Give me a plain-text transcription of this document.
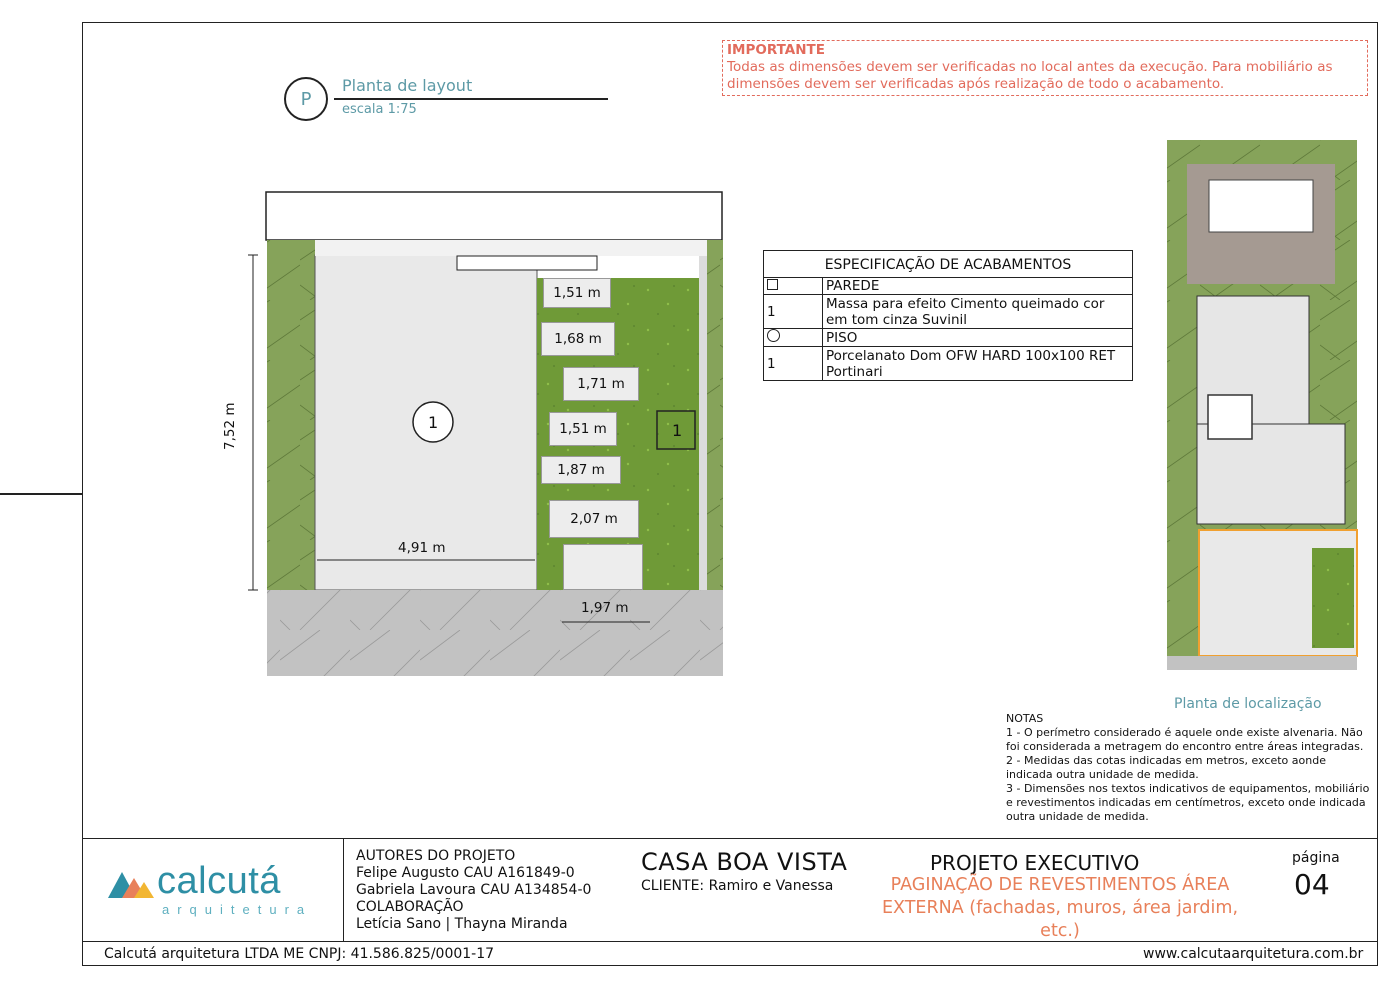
P
Planta de layout
escala 1:75
IMPORTANTE
Todas as dimensões devem ser verificadas no local antes da execução. Para mobiliário as
dimensões devem ser verificadas após realização de todo o acabamento.
7,52 m
4,91 m
1	1
1,97 m
1,51 m
1,68 m
1,71 m
1,51 m
1,87 m
2,07 m
ESPECIFICAÇÃO DE ACABAMENTOS	
	PAREDE
1	Massa para efeito Cimento queimado cor em tom cinza Suvinil
	PISO
1	Porcelanato Dom OFW HARD 100x100 RET Portinari
Planta de localização
NOTAS
1 - O perímetro considerado é aquele onde existe alvenaria. Não foi considerada a metragem do encontro entre áreas integradas.
2 - Medidas das cotas indicadas em metros, exceto aonde indicada outra unidade de medida.
3 - Dimensões nos textos indicativos de equipamentos, mobiliário e revestimentos indicadas em centímetros, exceto onde indicada outra unidade de medida.
calcutá
arquitetura
AUTORES DO PROJETO
Felipe Augusto CAU A161849-0
Gabriela Lavoura CAU A134854-0
COLABORAÇÃO
Letícia Sano | Thayna Miranda
CASA BOA VISTA
CLIENTE: Ramiro e Vanessa
PROJETO EXECUTIVO
PAGINAÇÃO DE REVESTIMENTOS ÁREA EXTERNA (fachadas, muros, área jardim, etc.)
página
04
Calcutá arquitetura LTDA ME CNPJ: 41.586.825/0001-17	www.calcutaarquitetura.com.br
